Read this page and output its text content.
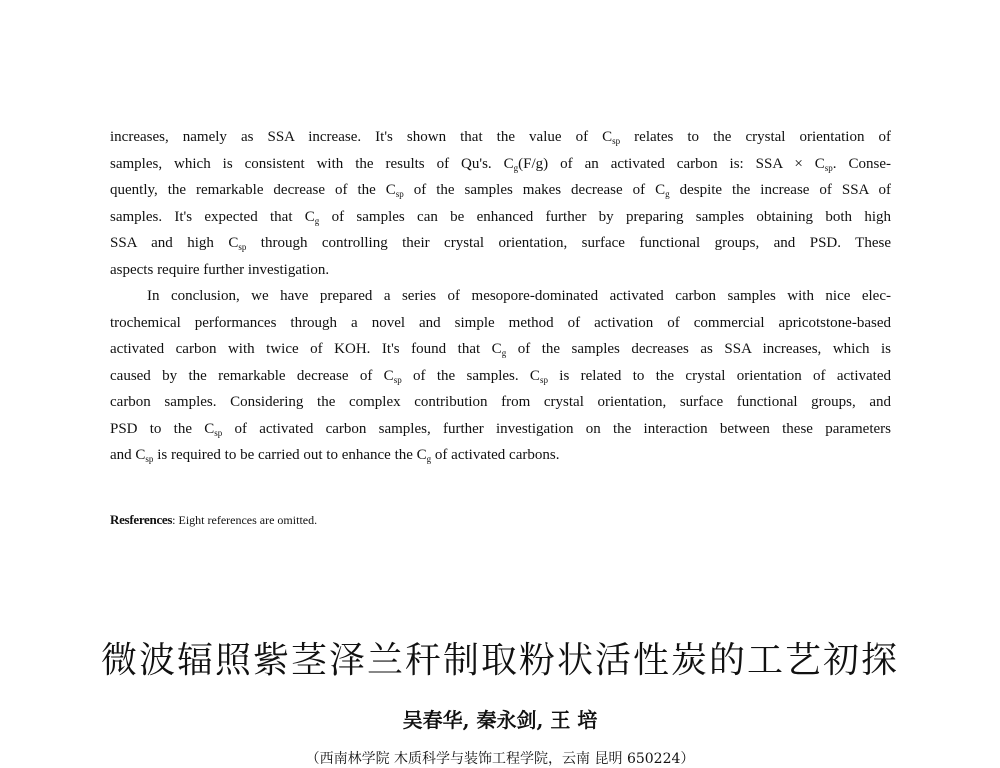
increases, namely as SSA increase. It's shown that the value of $C_{sp}$ relates to the crystal orientation of
samples, which is consistent with the results of Qu's. $C_g(F/g)$ of an activated carbon is: SSA × $C_{sp}$. Conse-
quently, the remarkable decrease of the $C_{sp}$ of the samples makes decrease of $C_g$ despite the increase of SSA of
samples. It's expected that $C_g$ of samples can be enhanced further by preparing samples obtaining both high
SSA and high $C_{sp}$ through controlling their crystal orientation, surface functional groups, and PSD. These
aspects require further investigation.
In conclusion, we have prepared a series of mesopore-dominated activated carbon samples with nice elec-
trochemical performances through a novel and simple method of activation of commercial apricotstone-based
activated carbon with twice of KOH. It's found that $C_g$ of the samples decreases as SSA increases, which is
caused by the remarkable decrease of $C_{sp}$ of the samples. $C_{sp}$ is related to the crystal orientation of activated
carbon samples. Considering the complex contribution from crystal orientation, surface functional groups, and
PSD to the $C_{sp}$ of activated carbon samples, further investigation on the interaction between these parameters
and $C_{sp}$ is required to be carried out to enhance the $C_g$ of activated carbons.
Resferences: Eight references are omitted.
微波辐照紫茎泽兰秆制取粉状活性炭的工艺初探
吴春华, 秦永剑, 王 培
（西南林学院 木质科学与装饰工程学院，云南 昆明 650224）
